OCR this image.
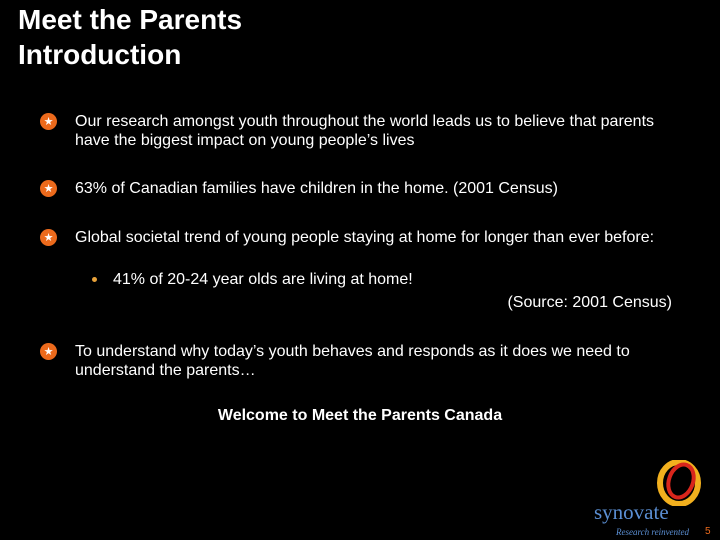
Meet the Parents
Introduction
★ Our research amongst youth throughout the world leads us to believe that parents have the biggest impact on young people’s lives
★ 63% of Canadian families have children in the home. (2001 Census)
★ Global societal trend of young people staying at home for longer than ever before:
★ To understand why today’s youth behaves and responds as it does we need to understand the parents…
41% of 20-24 year olds are living at home!
(Source: 2001 Census)
Welcome to Meet the Parents Canada
synovate
Research reinvented 5
